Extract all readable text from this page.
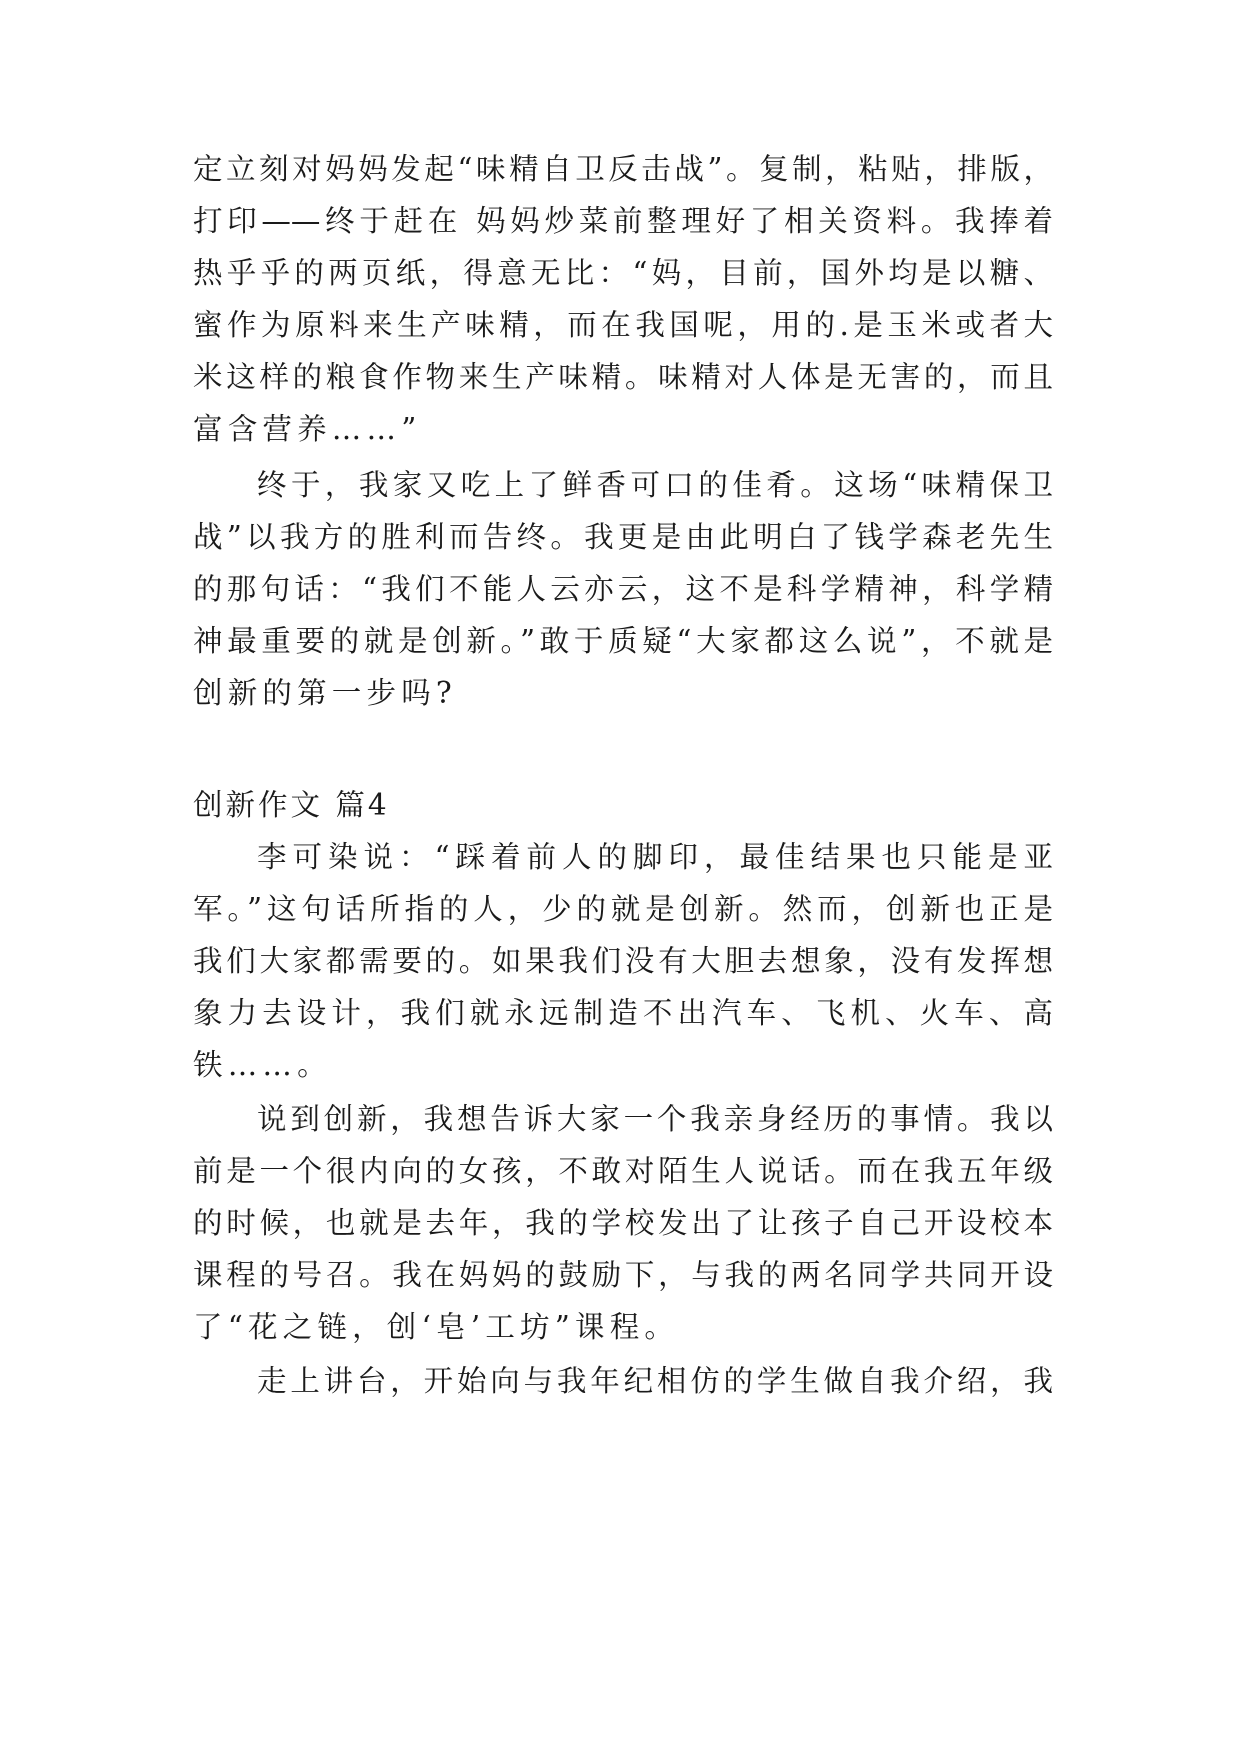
定立刻对妈妈发起“味精自卫反击战”。复制，粘贴，排版，
打印——终于赶在 妈妈炒菜前整理好了相关资料。我捧着
热乎乎的两页纸，得意无比：“妈，目前，国外均是以糖、
蜜作为原料来生产味精，而在我国呢，用的.是玉米或者大
米这样的粮食作物来生产味精。味精对人体是无害的，而且
富含营养……”
终于，我家又吃上了鲜香可口的佳肴。这场“味精保卫
战”以我方的胜利而告终。我更是由此明白了钱学森老先生
的那句话：“我们不能人云亦云，这不是科学精神，科学精
神最重要的就是创新。”敢于质疑“大家都这么说”，不就是
创新的第一步吗?
创新作文 篇4
李可染说：“踩着前人的脚印，最佳结果也只能是亚
军。”这句话所指的人，少的就是创新。然而，创新也正是
我们大家都需要的。如果我们没有大胆去想象，没有发挥想
象力去设计，我们就永远制造不出汽车、飞机、火车、高
铁……。
说到创新，我想告诉大家一个我亲身经历的事情。我以
前是一个很内向的女孩，不敢对陌生人说话。而在我五年级
的时候，也就是去年，我的学校发出了让孩子自己开设校本
课程的号召。我在妈妈的鼓励下，与我的两名同学共同开设
了“花之链，创‘皂’工坊”课程。
走上讲台，开始向与我年纪相仿的学生做自我介绍，我
